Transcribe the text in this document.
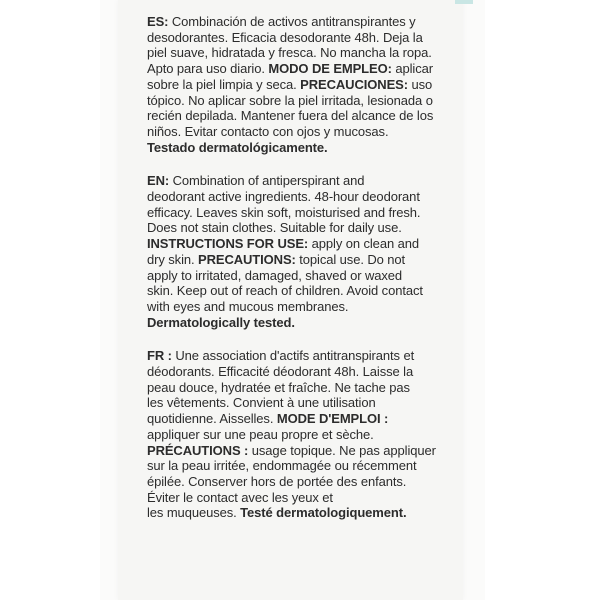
ES: Combinación de activos antitranspirantes y
desodorantes. Eficacia desodorante 48h. Deja la
piel suave, hidratada y fresca. No mancha la ropa.
Apto para uso diario. MODO DE EMPLEO: aplicar
sobre la piel limpia y seca. PRECAUCIONES: uso
tópico. No aplicar sobre la piel irritada, lesionada o
recién depilada. Mantener fuera del alcance de los
niños. Evitar contacto con ojos y mucosas.
Testado dermatológicamente.
EN: Combination of antiperspirant and
deodorant active ingredients. 48-hour deodorant
efficacy. Leaves skin soft, moisturised and fresh.
Does not stain clothes. Suitable for daily use.
INSTRUCTIONS FOR USE: apply on clean and
dry skin. PRECAUTIONS: topical use. Do not
apply to irritated, damaged, shaved or waxed
skin. Keep out of reach of children. Avoid contact
with eyes and mucous membranes.
Dermatologically tested.
FR : Une association d'actifs antitranspirants et
déodorants. Efficacité déodorant 48h. Laisse la
peau douce, hydratée et fraîche. Ne tache pas
les vêtements. Convient à une utilisation
quotidienne. Aisselles. MODE D'EMPLOI :
appliquer sur une peau propre et sèche.
PRÉCAUTIONS : usage topique. Ne pas appliquer
sur la peau irritée, endommagée ou récemment
épilée. Conserver hors de portée des enfants.
Éviter le contact avec les yeux et
les muqueuses. Testé dermatologiquement.
